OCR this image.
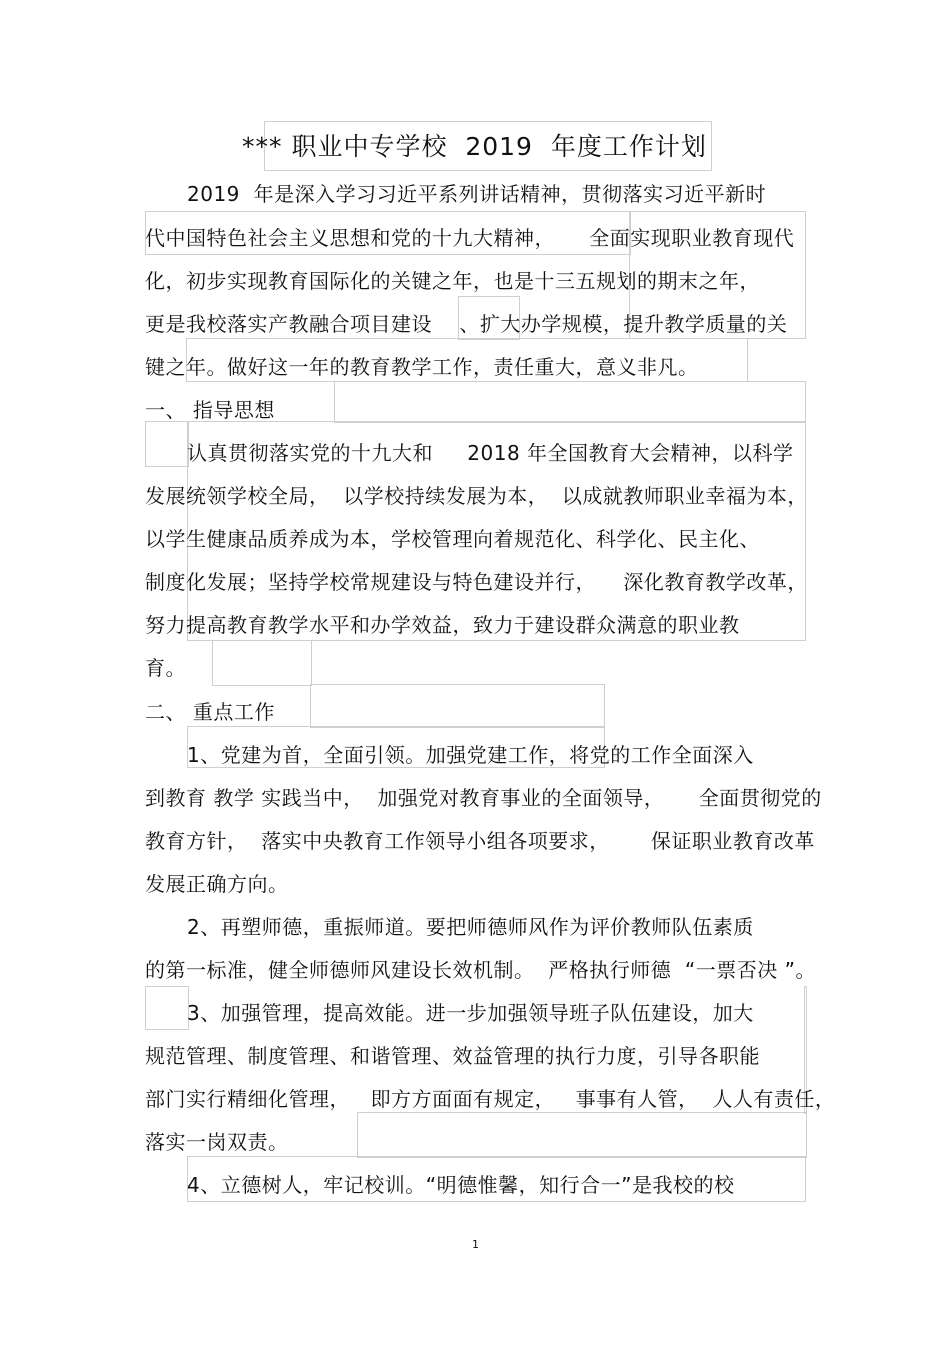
*** 职业中专学校  2019  年度工作计划
2019  年是深入学习习近平系列讲话精神，贯彻落实习近平新时
代中国特色社会主义思想和党的十九大精神，     全面实现职业教育现代
化，初步实现教育国际化的关键之年，也是十三五规划的期末之年，
更是我校落实产教融合项目建设    、扩大办学规模，提升教学质量的关
键之年。做好这一年的教育教学工作，责任重大，意义非凡。
一、 指导思想
认真贯彻落实党的十九大和     2018 年全国教育大会精神，以科学
发展统领学校全局，  以学校持续发展为本，  以成就教师职业幸福为本，
以学生健康品质养成为本，学校管理向着规范化、科学化、民主化、
制度化发展；坚持学校常规建设与特色建设并行，    深化教育教学改革，
努力提高教育教学水平和办学效益，致力于建设群众满意的职业教
育。
二、 重点工作
1、党建为首，全面引领。加强党建工作，将党的工作全面深入
到教育 教学 实践当中，  加强党对教育事业的全面领导，     全面贯彻党的
教育方针，  落实中央教育工作领导小组各项要求，      保证职业教育改革
发展正确方向。
2、再塑师德，重振师道。要把师德师风作为评价教师队伍素质
的第一标准，健全师德师风建设长效机制。  严格执行师德  “一票否决 ”。
3、加强管理，提高效能。进一步加强领导班子队伍建设，加大
规范管理、制度管理、和谐管理、效益管理的执行力度，引导各职能
部门实行精细化管理，   即方方面面有规定，   事事有人管，  人人有责任，
落实一岗双责。
4、立德树人，牢记校训。“明德惟馨，知行合一”是我校的校
1
